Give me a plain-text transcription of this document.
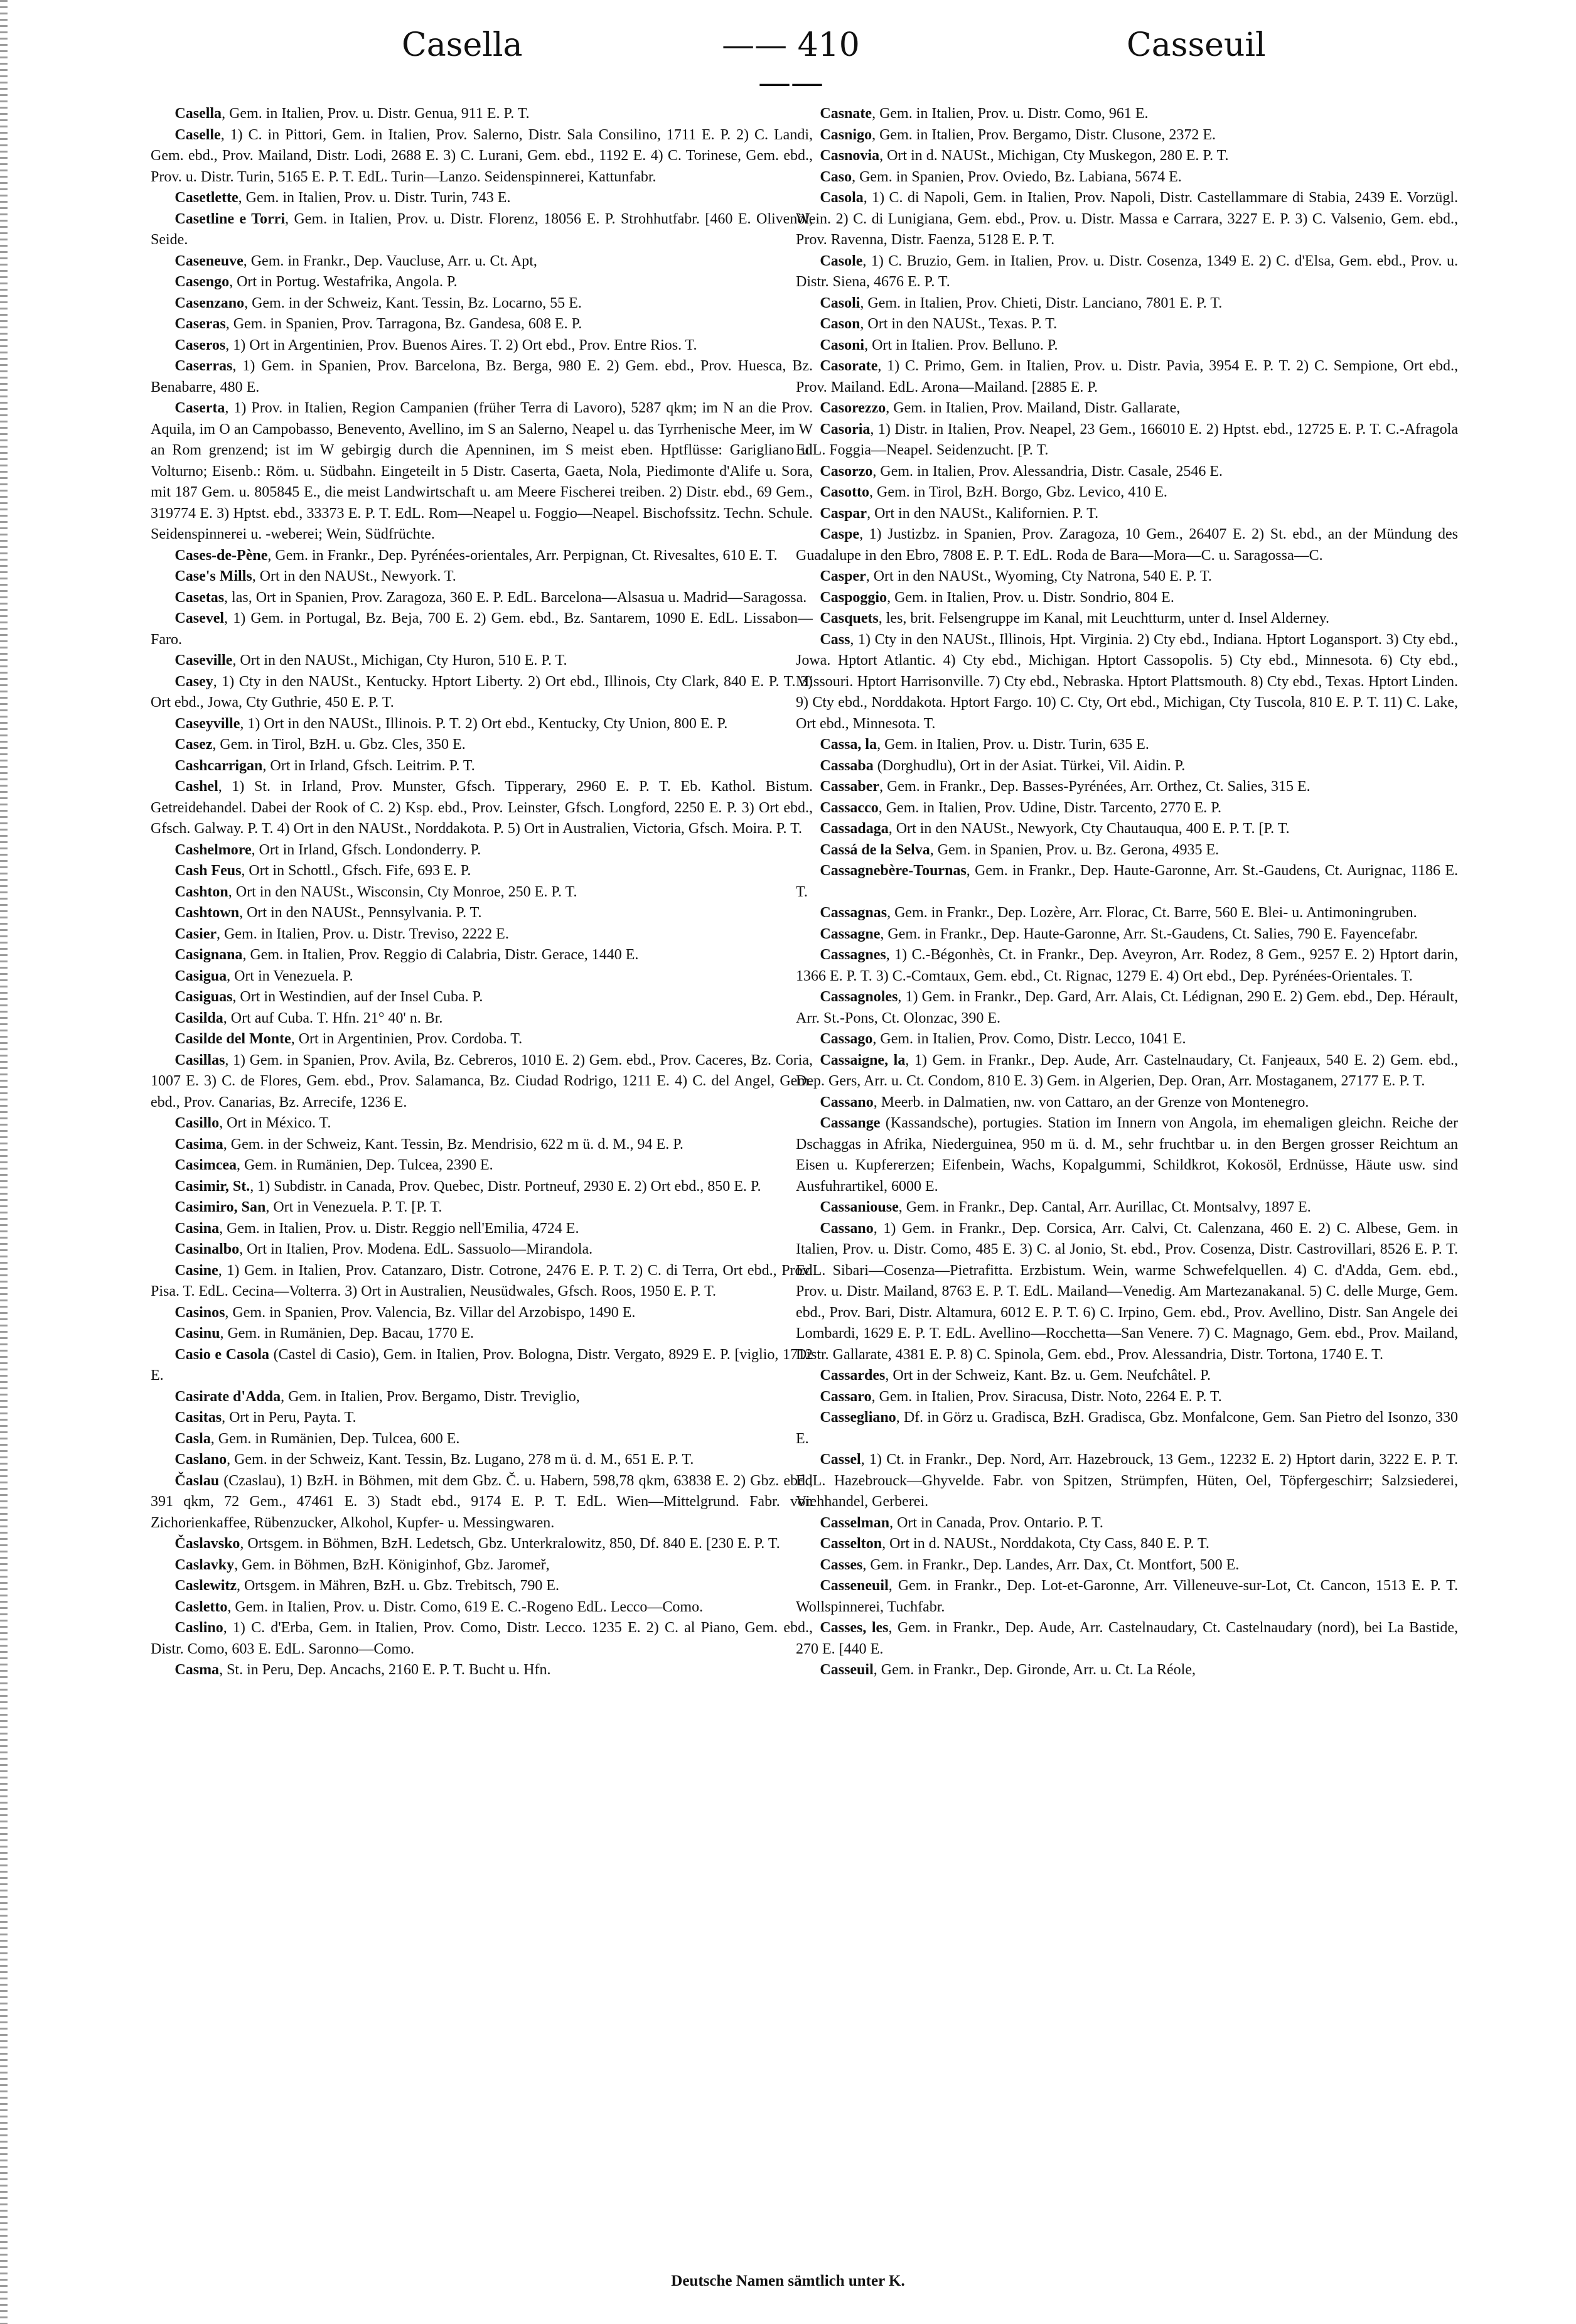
Casella	—— 410 ——
Casseuil

Casella, Gem. in Italien, Prov. u. Distr. Genua, 911 E. P. T.

Caselle, 1) C. in Pittori, Gem. in Italien, Prov. Salerno, Distr. Sala Consilino, 1711 E. P. 2) C. Landi, Gem. ebd., Prov. Mailand, Distr. Lodi, 2688 E. 3) C. Lurani, Gem. ebd., 1192 E. 4) C. Torinese, Gem. ebd., Prov. u. Distr. Turin, 5165 E. P. T. EdL. Turin—Lanzo. Seidenspinnerei, Kattunfabr.

Casetlette, Gem. in Italien, Prov. u. Distr. Turin, 743 E.

Casetline e Torri, Gem. in Italien, Prov. u. Distr. Florenz, 18056 E. P. Strohhutfabr. [460 E. Olivenöl, Seide.

Caseneuve, Gem. in Frankr., Dep. Vaucluse, Arr. u. Ct. Apt,

Casengo, Ort in Portug. Westafrika, Angola. P.

Casenzano, Gem. in der Schweiz, Kant. Tessin, Bz. Locarno, 55 E.

Caseras, Gem. in Spanien, Prov. Tarragona, Bz. Gandesa, 608 E. P.

Caseros, 1) Ort in Argentinien, Prov. Buenos Aires. T. 2) Ort ebd., Prov. Entre Rios. T.

Caserras, 1) Gem. in Spanien, Prov. Barcelona, Bz. Berga, 980 E. 2) Gem. ebd., Prov. Huesca, Bz. Benabarre, 480 E.

Caserta, 1) Prov. in Italien, Region Campanien (früher Terra di Lavoro), 5287 qkm; im N an die Prov. Aquila, im O an Campobasso, Benevento, Avellino, im S an Salerno, Neapel u. das Tyrrhenische Meer, im W an Rom grenzend; ist im W gebirgig durch die Apenninen, im S meist eben. Hptflüsse: Garigliano u. Volturno; Eisenb.: Röm. u. Südbahn. Eingeteilt in 5 Distr. Caserta, Gaeta, Nola, Piedimonte d'Alife u. Sora, mit 187 Gem. u. 805845 E., die meist Landwirtschaft u. am Meere Fischerei treiben. 2) Distr. ebd., 69 Gem., 319774 E. 3) Hptst. ebd., 33373 E. P. T. EdL. Rom—Neapel u. Foggio—Neapel. Bischofssitz. Techn. Schule. Seidenspinnerei u. -weberei; Wein, Südfrüchte.

Cases-de-Pène, Gem. in Frankr., Dep. Pyrénées-orientales, Arr. Perpignan, Ct. Rivesaltes, 610 E. T.

Case's Mills, Ort in den NAUSt., Newyork. T.

Casetas, las, Ort in Spanien, Prov. Zaragoza, 360 E. P. EdL. Barcelona—Alsasua u. Madrid—Saragossa.

Casevel, 1) Gem. in Portugal, Bz. Beja, 700 E. 2) Gem. ebd., Bz. Santarem, 1090 E. EdL. Lissabon—Faro.

Caseville, Ort in den NAUSt., Michigan, Cty Huron, 510 E. P. T.

Casey, 1) Cty in den NAUSt., Kentucky. Hptort Liberty. 2) Ort ebd., Illinois, Cty Clark, 840 E. P. T. 3) Ort ebd., Jowa, Cty Guthrie, 450 E. P. T.

Caseyville, 1) Ort in den NAUSt., Illinois. P. T. 2) Ort ebd., Kentucky, Cty Union, 800 E. P.

Casez, Gem. in Tirol, BzH. u. Gbz. Cles, 350 E.

Cashcarrigan, Ort in Irland, Gfsch. Leitrim. P. T.

Cashel, 1) St. in Irland, Prov. Munster, Gfsch. Tipperary, 2960 E. P. T. Eb. Kathol. Bistum. Getreidehandel. Dabei der Rook of C. 2) Ksp. ebd., Prov. Leinster, Gfsch. Longford, 2250 E. P. 3) Ort ebd., Gfsch. Galway. P. T. 4) Ort in den NAUSt., Norddakota. P. 5) Ort in Australien, Victoria, Gfsch. Moira. P. T.

Cashelmore, Ort in Irland, Gfsch. Londonderry. P.

Cash Feus, Ort in Schottl., Gfsch. Fife, 693 E. P.

Cashton, Ort in den NAUSt., Wisconsin, Cty Monroe, 250 E. P. T.

Cashtown, Ort in den NAUSt., Pennsylvania. P. T.

Casier, Gem. in Italien, Prov. u. Distr. Treviso, 2222 E.

Casignana, Gem. in Italien, Prov. Reggio di Calabria, Distr. Gerace, 1440 E.

Casigua, Ort in Venezuela. P.

Casiguas, Ort in Westindien, auf der Insel Cuba. P.

Casilda, Ort auf Cuba. T. Hfn. 21° 40' n. Br.

Casilde del Monte, Ort in Argentinien, Prov. Cordoba. T.

Casillas, 1) Gem. in Spanien, Prov. Avila, Bz. Cebreros, 1010 E. 2) Gem. ebd., Prov. Caceres, Bz. Coria, 1007 E. 3) C. de Flores, Gem. ebd., Prov. Salamanca, Bz. Ciudad Rodrigo, 1211 E. 4) C. del Angel, Gem. ebd., Prov. Canarias, Bz. Arrecife, 1236 E.

Casillo, Ort in México. T.

Casima, Gem. in der Schweiz, Kant. Tessin, Bz. Mendrisio, 622 m ü. d. M., 94 E. P.

Casimcea, Gem. in Rumänien, Dep. Tulcea, 2390 E.

Casimir, St., 1) Subdistr. in Canada, Prov. Quebec, Distr. Portneuf, 2930 E. 2) Ort ebd., 850 E. P.

Casimiro, San, Ort in Venezuela. P. T. [P. T.

Casina, Gem. in Italien, Prov. u. Distr. Reggio nell'Emilia, 4724 E.

Casinalbo, Ort in Italien, Prov. Modena. EdL. Sassuolo—Mirandola.

Casine, 1) Gem. in Italien, Prov. Catanzaro, Distr. Cotrone, 2476 E. P. T. 2) C. di Terra, Ort ebd., Prov. Pisa. T. EdL. Cecina—Volterra. 3) Ort in Australien, Neusüdwales, Gfsch. Roos, 1950 E. P. T.

Casinos, Gem. in Spanien, Prov. Valencia, Bz. Villar del Arzobispo, 1490 E.

Casinu, Gem. in Rumänien, Dep. Bacau, 1770 E.

Casio e Casola (Castel di Casio), Gem. in Italien, Prov. Bologna, Distr. Vergato, 8929 E. P. [viglio, 1712 E.

Casirate d'Adda, Gem. in Italien, Prov. Bergamo, Distr. Treviglio,

Casitas, Ort in Peru, Payta. T.

Casla, Gem. in Rumänien, Dep. Tulcea, 600 E.

Caslano, Gem. in der Schweiz, Kant. Tessin, Bz. Lugano, 278 m ü. d. M., 651 E. P. T.

Časlau (Czaslau), 1) BzH. in Böhmen, mit dem Gbz. Č. u. Habern, 598,78 qkm, 63838 E. 2) Gbz. ebd., 391 qkm, 72 Gem., 47461 E. 3) Stadt ebd., 9174 E. P. T. EdL. Wien—Mittelgrund. Fabr. von Zichorienkaffee, Rübenzucker, Alkohol, Kupfer- u. Messingwaren.

Časlavsko, Ortsgem. in Böhmen, BzH. Ledetsch, Gbz. Unterkralowitz, 850, Df. 840 E. [230 E. P. T.

Caslavky, Gem. in Böhmen, BzH. Königinhof, Gbz. Jaromeř,

Caslewitz, Ortsgem. in Mähren, BzH. u. Gbz. Trebitsch, 790 E.

Casletto, Gem. in Italien, Prov. u. Distr. Como, 619 E. C.-Rogeno EdL. Lecco—Como.

Caslino, 1) C. d'Erba, Gem. in Italien, Prov. Como, Distr. Lecco. 1235 E. 2) C. al Piano, Gem. ebd., Distr. Como, 603 E. EdL. Saronno—Como.

Casma, St. in Peru, Dep. Ancachs, 2160 E. P. T. Bucht u. Hfn.

Casnate, Gem. in Italien, Prov. u. Distr. Como, 961 E.

Casnigo, Gem. in Italien, Prov. Bergamo, Distr. Clusone, 2372 E.

Casnovia, Ort in d. NAUSt., Michigan, Cty Muskegon, 280 E. P. T.

Caso, Gem. in Spanien, Prov. Oviedo, Bz. Labiana, 5674 E.

Casola, 1) C. di Napoli, Gem. in Italien, Prov. Napoli, Distr. Castellammare di Stabia, 2439 E. Vorzügl. Wein. 2) C. di Lunigiana, Gem. ebd., Prov. u. Distr. Massa e Carrara, 3227 E. P. 3) C. Valsenio, Gem. ebd., Prov. Ravenna, Distr. Faenza, 5128 E. P. T.

Casole, 1) C. Bruzio, Gem. in Italien, Prov. u. Distr. Cosenza, 1349 E. 2) C. d'Elsa, Gem. ebd., Prov. u. Distr. Siena, 4676 E. P. T.

Casoli, Gem. in Italien, Prov. Chieti, Distr. Lanciano, 7801 E. P. T.

Cason, Ort in den NAUSt., Texas. P. T.

Casoni, Ort in Italien. Prov. Belluno. P.

Casorate, 1) C. Primo, Gem. in Italien, Prov. u. Distr. Pavia, 3954 E. P. T. 2) C. Sempione, Ort ebd., Prov. Mailand. EdL. Arona—Mailand. [2885 E. P.

Casorezzo, Gem. in Italien, Prov. Mailand, Distr. Gallarate,

Casoria, 1) Distr. in Italien, Prov. Neapel, 23 Gem., 166010 E. 2) Hptst. ebd., 12725 E. P. T. C.-Afragola EdL. Foggia—Neapel. Seidenzucht. [P. T.

Casorzo, Gem. in Italien, Prov. Alessandria, Distr. Casale, 2546 E.

Casotto, Gem. in Tirol, BzH. Borgo, Gbz. Levico, 410 E.

Caspar, Ort in den NAUSt., Kalifornien. P. T.

Caspe, 1) Justizbz. in Spanien, Prov. Zaragoza, 10 Gem., 26407 E. 2) St. ebd., an der Mündung des Guadalupe in den Ebro, 7808 E. P. T. EdL. Roda de Bara—Mora—C. u. Saragossa—C.

Casper, Ort in den NAUSt., Wyoming, Cty Natrona, 540 E. P. T.

Caspoggio, Gem. in Italien, Prov. u. Distr. Sondrio, 804 E.

Casquets, les, brit. Felsengruppe im Kanal, mit Leuchtturm, unter d. Insel Alderney.

Cass, 1) Cty in den NAUSt., Illinois, Hpt. Virginia. 2) Cty ebd., Indiana. Hptort Logansport. 3) Cty ebd., Jowa. Hptort Atlantic. 4) Cty ebd., Michigan. Hptort Cassopolis. 5) Cty ebd., Minnesota. 6) Cty ebd., Missouri. Hptort Harrisonville. 7) Cty ebd., Nebraska. Hptort Plattsmouth. 8) Cty ebd., Texas. Hptort Linden. 9) Cty ebd., Norddakota. Hptort Fargo. 10) C. Cty, Ort ebd., Michigan, Cty Tuscola, 810 E. P. T. 11) C. Lake, Ort ebd., Minnesota. T.

Cassa, la, Gem. in Italien, Prov. u. Distr. Turin, 635 E.

Cassaba (Dorghudlu), Ort in der Asiat. Türkei, Vil. Aidin. P.

Cassaber, Gem. in Frankr., Dep. Basses-Pyrénées, Arr. Orthez, Ct. Salies, 315 E.

Cassacco, Gem. in Italien, Prov. Udine, Distr. Tarcento, 2770 E. P.

Cassadaga, Ort in den NAUSt., Newyork, Cty Chautauqua, 400 E. P. T. [P. T.

Cassá de la Selva, Gem. in Spanien, Prov. u. Bz. Gerona, 4935 E.

Cassagnebère-Tournas, Gem. in Frankr., Dep. Haute-Garonne, Arr. St.-Gaudens, Ct. Aurignac, 1186 E. T.

Cassagnas, Gem. in Frankr., Dep. Lozère, Arr. Florac, Ct. Barre, 560 E. Blei- u. Antimoningruben.

Cassagne, Gem. in Frankr., Dep. Haute-Garonne, Arr. St.-Gaudens, Ct. Salies, 790 E. Fayencefabr.

Cassagnes, 1) C.-Bégonhès, Ct. in Frankr., Dep. Aveyron, Arr. Rodez, 8 Gem., 9257 E. 2) Hptort darin, 1366 E. P. T. 3) C.-Comtaux, Gem. ebd., Ct. Rignac, 1279 E. 4) Ort ebd., Dep. Pyrénées-Orientales. T.

Cassagnoles, 1) Gem. in Frankr., Dep. Gard, Arr. Alais, Ct. Lédignan, 290 E. 2) Gem. ebd., Dep. Hérault, Arr. St.-Pons, Ct. Olonzac, 390 E.

Cassago, Gem. in Italien, Prov. Como, Distr. Lecco, 1041 E.

Cassaigne, la, 1) Gem. in Frankr., Dep. Aude, Arr. Castelnaudary, Ct. Fanjeaux, 540 E. 2) Gem. ebd., Dep. Gers, Arr. u. Ct. Condom, 810 E. 3) Gem. in Algerien, Dep. Oran, Arr. Mostaganem, 27177 E. P. T.

Cassano, Meerb. in Dalmatien, nw. von Cattaro, an der Grenze von Montenegro.

Cassange (Kassandsche), portugies. Station im Innern von Angola, im ehemaligen gleichn. Reiche der Dschaggas in Afrika, Niederguinea, 950 m ü. d. M., sehr fruchtbar u. in den Bergen grosser Reichtum an Eisen u. Kupfererzen; Eifenbein, Wachs, Kopalgummi, Schildkrot, Kokosöl, Erdnüsse, Häute usw. sind Ausfuhrartikel, 6000 E.

Cassaniouse, Gem. in Frankr., Dep. Cantal, Arr. Aurillac, Ct. Montsalvy, 1897 E.

Cassano, 1) Gem. in Frankr., Dep. Corsica, Arr. Calvi, Ct. Calenzana, 460 E. 2) C. Albese, Gem. in Italien, Prov. u. Distr. Como, 485 E. 3) C. al Jonio, St. ebd., Prov. Cosenza, Distr. Castrovillari, 8526 E. P. T. EdL. Sibari—Cosenza—Pietrafitta. Erzbistum. Wein, warme Schwefelquellen. 4) C. d'Adda, Gem. ebd., Prov. u. Distr. Mailand, 8763 E. P. T. EdL. Mailand—Venedig. Am Martezanakanal. 5) C. delle Murge, Gem. ebd., Prov. Bari, Distr. Altamura, 6012 E. P. T. 6) C. Irpino, Gem. ebd., Prov. Avellino, Distr. San Angele dei Lombardi, 1629 E. P. T. EdL. Avellino—Rocchetta—San Venere. 7) C. Magnago, Gem. ebd., Prov. Mailand, Distr. Gallarate, 4381 E. P. 8) C. Spinola, Gem. ebd., Prov. Alessandria, Distr. Tortona, 1740 E. T.

Cassardes, Ort in der Schweiz, Kant. Bz. u. Gem. Neufchâtel. P.

Cassaro, Gem. in Italien, Prov. Siracusa, Distr. Noto, 2264 E. P. T.

Cassegliano, Df. in Görz u. Gradisca, BzH. Gradisca, Gbz. Monfalcone, Gem. San Pietro del Isonzo, 330 E.

Cassel, 1) Ct. in Frankr., Dep. Nord, Arr. Hazebrouck, 13 Gem., 12232 E. 2) Hptort darin, 3222 E. P. T. EdL. Hazebrouck—Ghyvelde. Fabr. von Spitzen, Strümpfen, Hüten, Oel, Töpfergeschirr; Salzsiederei, Viehhandel, Gerberei.

Casselman, Ort in Canada, Prov. Ontario. P. T.

Casselton, Ort in d. NAUSt., Norddakota, Cty Cass, 840 E. P. T.

Casses, Gem. in Frankr., Dep. Landes, Arr. Dax, Ct. Montfort, 500 E.

Casseneuil, Gem. in Frankr., Dep. Lot-et-Garonne, Arr. Villeneuve-sur-Lot, Ct. Cancon, 1513 E. P. T. Wollspinnerei, Tuchfabr.

Casses, les, Gem. in Frankr., Dep. Aude, Arr. Castelnaudary, Ct. Castelnaudary (nord), bei La Bastide, 270 E. [440 E.

Casseuil, Gem. in Frankr., Dep. Gironde, Arr. u. Ct. La Réole,

Deutsche Namen sämtlich unter K.
